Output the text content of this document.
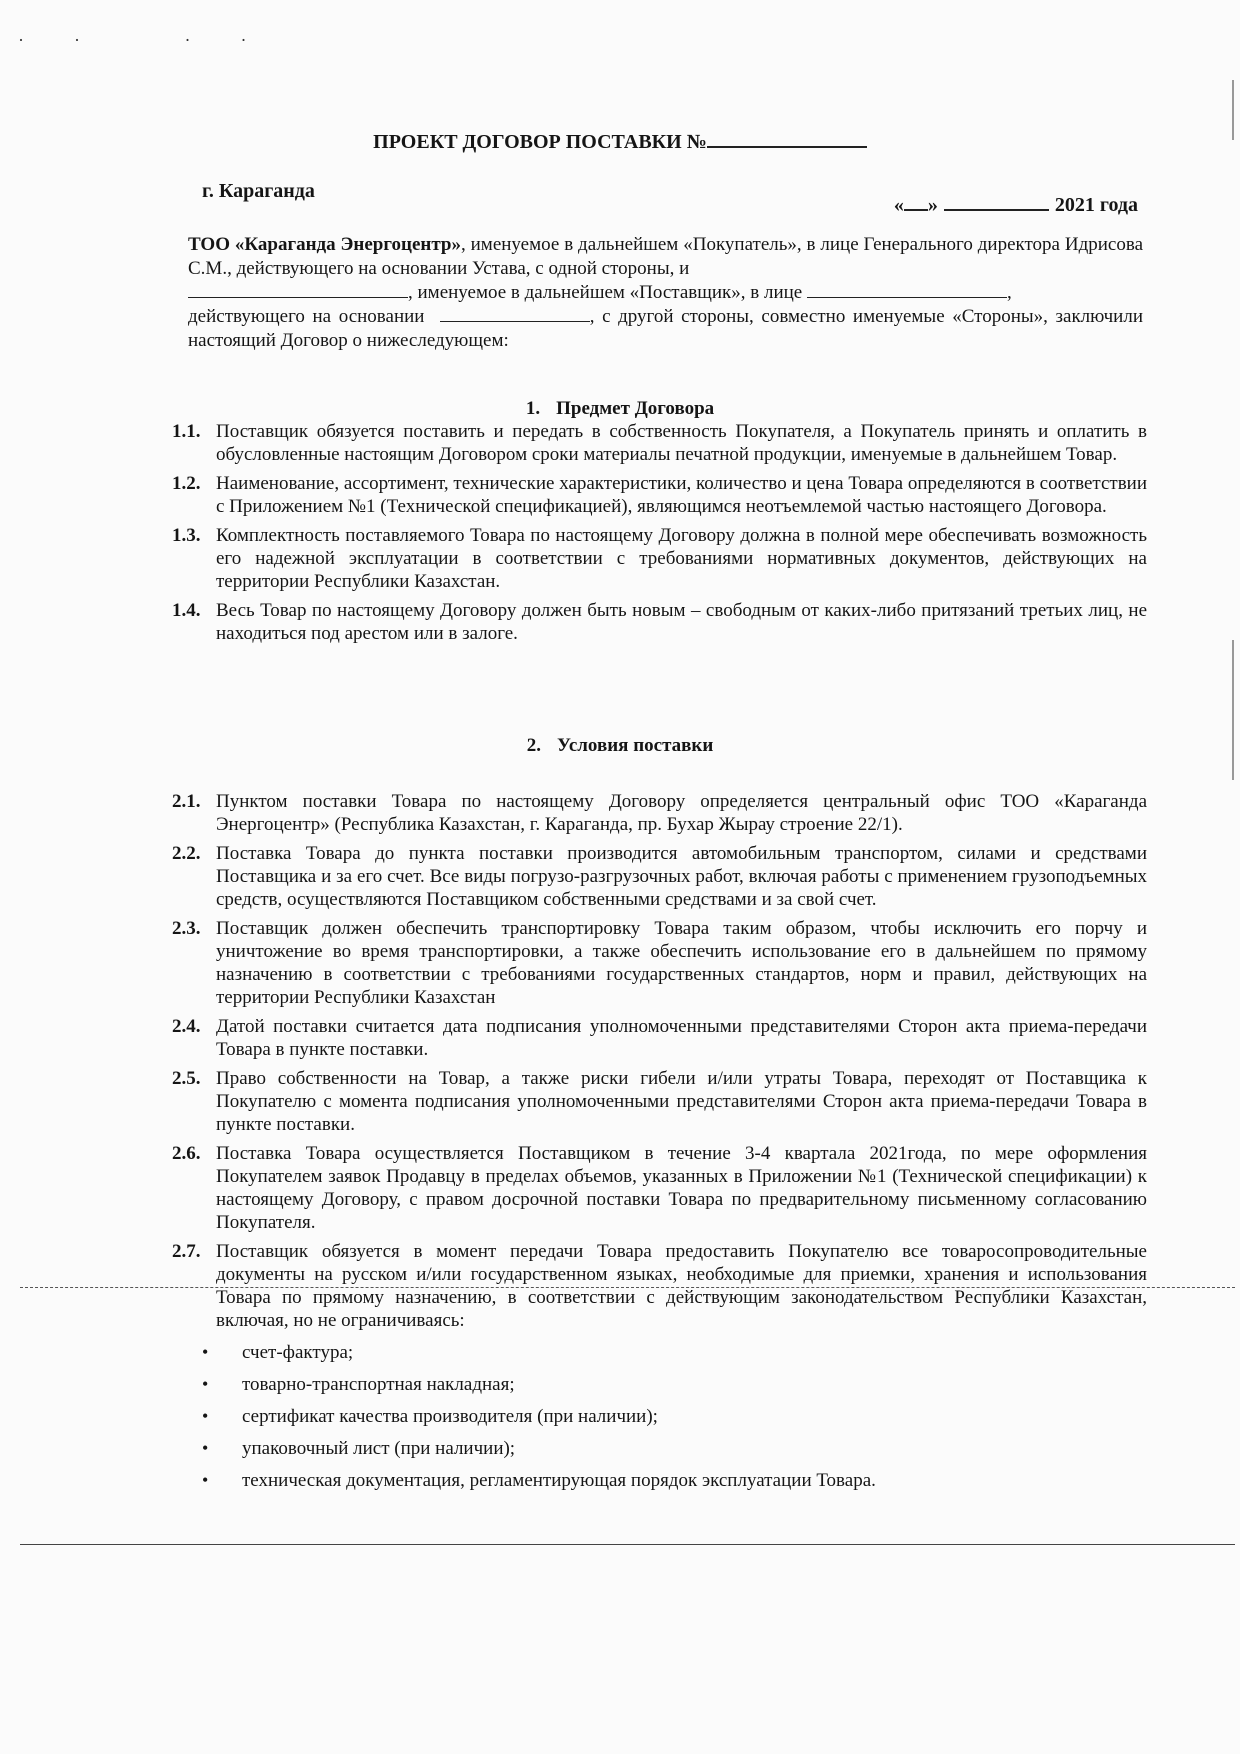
·· ··
ПРОЕКТ ДОГОВОР ПОСТАВКИ №
г. Караганда
« »	2021 года
ТОО «Караганда Энергоцентр», именуемое в дальнейшем «Покупатель», в лице Генерального директора Идрисова С.М., действующего на основании Устава, с одной стороны, и
, именуемое в дальнейшем «Поставщик», в лице	,
действующего на основании	, с другой стороны, совместно именуемые «Стороны», заключили настоящий Договор о нижеследующем:
1. Предмет Договора
1.1. Поставщик обязуется поставить и передать в собственность Покупателя, а Покупатель принять и оплатить в обусловленные настоящим Договором сроки материалы печатной продукции, именуемые в дальнейшем Товар.
1.2. Наименование, ассортимент, технические характеристики, количество и цена Товара определяются в соответствии с Приложением №1 (Технической спецификацией), являющимся неотъемлемой частью настоящего Договора.
1.3. Комплектность поставляемого Товара по настоящему Договору должна в полной мере обеспечивать возможность его надежной эксплуатации в соответствии с требованиями нормативных документов, действующих на территории Республики Казахстан.
1.4. Весь Товар по настоящему Договору должен быть новым – свободным от каких-либо притязаний третьих лиц, не находиться под арестом или в залоге.
2. Условия поставки
2.1. Пунктом поставки Товара по настоящему Договору определяется центральный офис ТОО «Караганда Энергоцентр» (Республика Казахстан, г. Караганда, пр. Бухар Жырау строение 22/1).
2.2. Поставка Товара до пункта поставки производится автомобильным транспортом, силами и средствами Поставщика и за его счет. Все виды погрузо-разгрузочных работ, включая работы с применением грузоподъемных средств, осуществляются Поставщиком собственными средствами и за свой счет.
2.3. Поставщик должен обеспечить транспортировку Товара таким образом, чтобы исключить его порчу и уничтожение во время транспортировки, а также обеспечить использование его в дальнейшем по прямому назначению в соответствии с требованиями государственных стандартов, норм и правил, действующих на территории Республики Казахстан
2.4. Датой поставки считается дата подписания уполномоченными представителями Сторон акта приема-передачи Товара в пункте поставки.
2.5. Право собственности на Товар, а также риски гибели и/или утраты Товара, переходят от Поставщика к Покупателю с момента подписания уполномоченными представителями Сторон акта приема-передачи Товара в пункте поставки.
2.6. Поставка Товара осуществляется Поставщиком в течение 3-4 квартала 2021года, по мере оформления Покупателем заявок Продавцу в пределах объемов, указанных в Приложении №1 (Технической спецификации) к настоящему Договору, с правом досрочной поставки Товара по предварительному письменному согласованию Покупателя.
2.7. Поставщик обязуется в момент передачи Товара предоставить Покупателю все товаросопроводительные документы на русском и/или государственном языках, необходимые для приемки, хранения и использования Товара по прямому назначению, в соответствии с действующим законодательством Республики Казахстан, включая, но не ограничиваясь:
•	счет-фактура;
•	товарно-транспортная накладная;
•	сертификат качества производителя (при наличии);
•	упаковочный лист (при наличии);
•	техническая документация, регламентирующая порядок эксплуатации Товара.
